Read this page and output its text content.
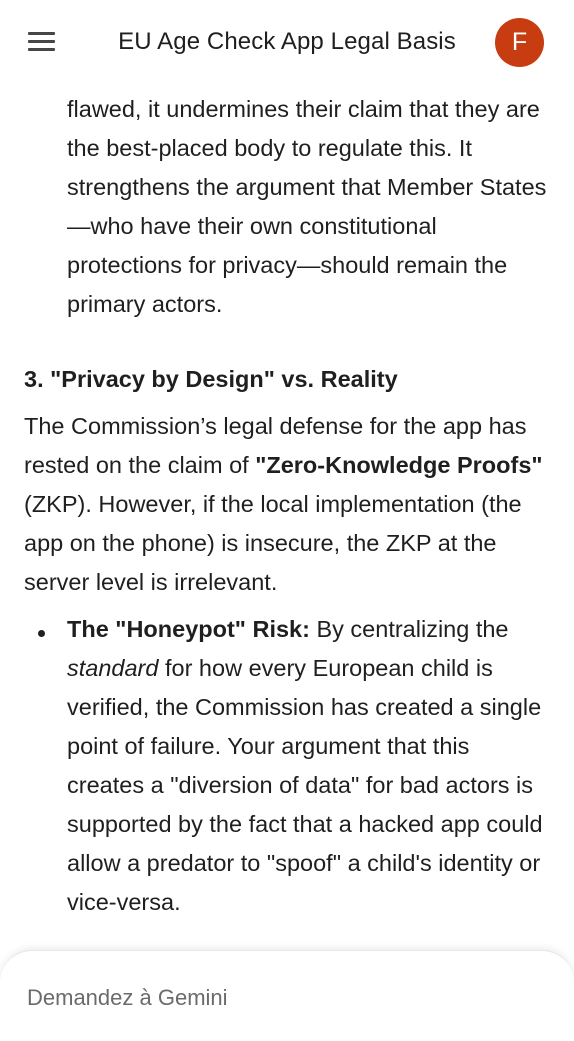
EU Age Check App Legal Basis	F

flawed, it undermines their claim that they are the best-placed body to regulate this. It strengthens the argument that Member States—who have their own constitutional protections for privacy—should remain the primary actors.

3. "Privacy by Design" vs. Reality

The Commission’s legal defense for the app has rested on the claim of "Zero-Knowledge Proofs" (ZKP). However, if the local implementation (the app on the phone) is insecure, the ZKP at the server level is irrelevant.

The "Honeypot" Risk: By centralizing the standard for how every European child is verified, the Commission has created a single point of failure. Your argument that this creates a "diversion of data" for bad actors is supported by the fact that a hacked app could allow a predator to "spoof" a child's identity or vice-versa.

Demandez à Gemini
